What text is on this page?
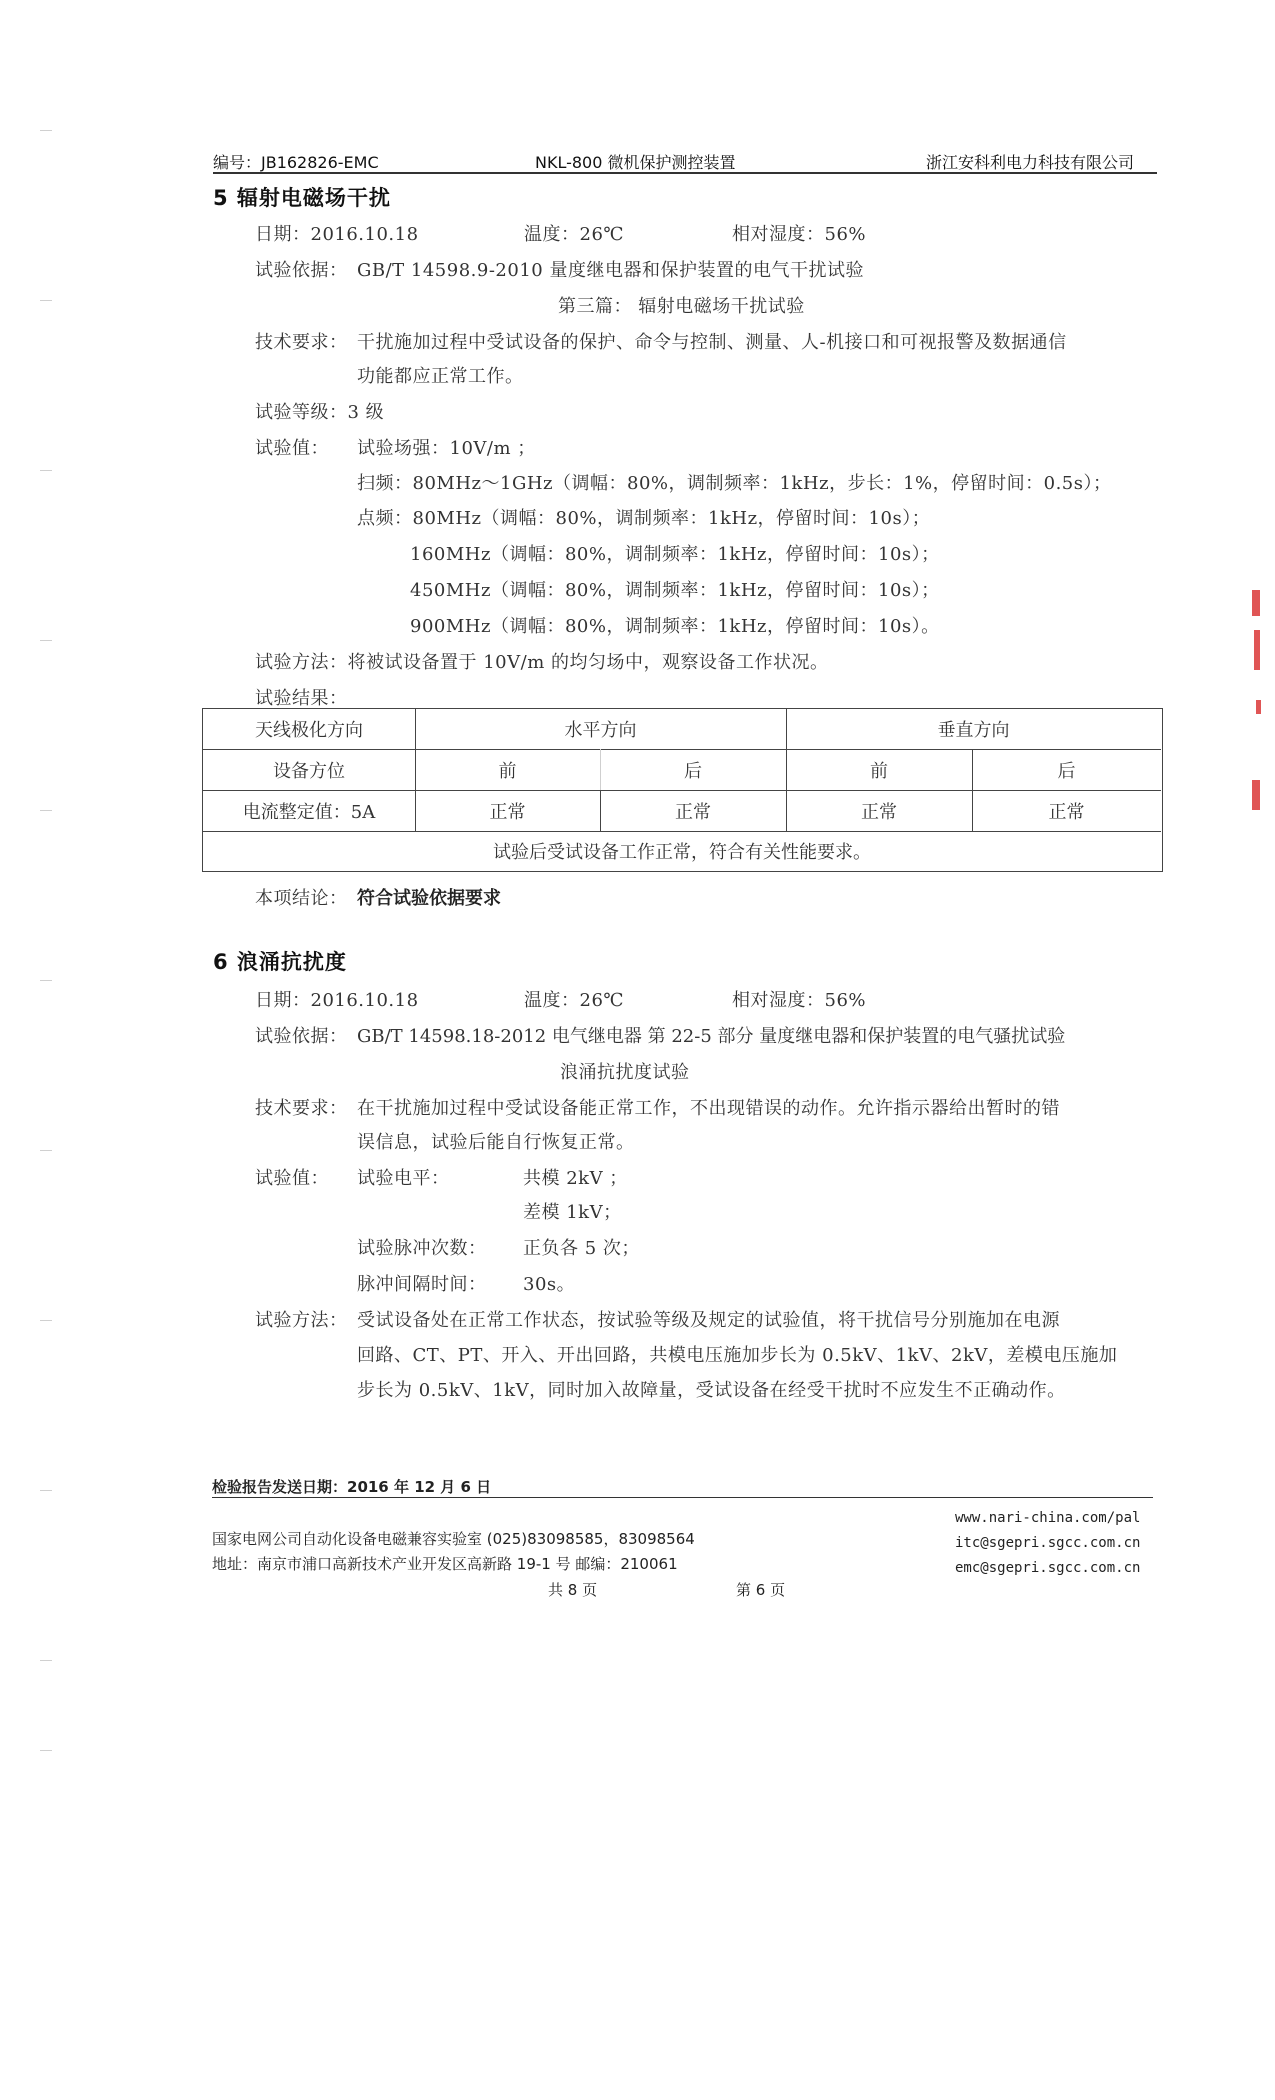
编号：JB162826-EMC	NKL-800 微机保护测控装置	浙江安科利电力科技有限公司
5 辐射电磁场干扰
日期：2016.10.18	温度：26℃	相对湿度：56%
试验依据： GB/T 14598.9-2010 量度继电器和保护装置的电气干扰试验
第三篇： 辐射电磁场干扰试验
技术要求： 干扰施加过程中受试设备的保护、命令与控制、测量、人-机接口和可视报警及数据通信
功能都应正常工作。
试验等级：3 级
试验值： 试验场强：10V/m ；
扫频：80MHz～1GHz（调幅：80%，调制频率：1kHz，步长：1%，停留时间：0.5s）；
点频：80MHz（调幅：80%，调制频率：1kHz，停留时间：10s）；
160MHz（调幅：80%，调制频率：1kHz，停留时间：10s）；
450MHz（调幅：80%，调制频率：1kHz，停留时间：10s）；
900MHz（调幅：80%，调制频率：1kHz，停留时间：10s）。
试验方法：将被试设备置于 10V/m 的均匀场中，观察设备工作状况。
试验结果：
天线极化方向	水平方向	垂直方向
设备方位	前	后	前	后
电流整定值：5A	正常	正常	正常	正常
试验后受试设备工作正常，符合有关性能要求。
本项结论： 符合试验依据要求
6 浪涌抗扰度
日期：2016.10.18	温度：26℃	相对湿度：56%
试验依据： GB/T 14598.18-2012 电气继电器 第 22-5 部分 量度继电器和保护装置的电气骚扰试验
浪涌抗扰度试验
技术要求： 在干扰施加过程中受试设备能正常工作，不出现错误的动作。允许指示器给出暂时的错
误信息，试验后能自行恢复正常。
试验值： 试验电平：	共模 2kV ；
差模 1kV；
试验脉冲次数： 正负各 5 次；
脉冲间隔时间： 30s。
试验方法： 受试设备处在正常工作状态，按试验等级及规定的试验值，将干扰信号分别施加在电源
回路、CT、PT、开入、开出回路，共模电压施加步长为 0.5kV、1kV、2kV，差模电压施加
步长为 0.5kV、1kV，同时加入故障量，受试设备在经受干扰时不应发生不正确动作。
检验报告发送日期：2016 年 12 月 6 日
国家电网公司自动化设备电磁兼容实验室 (025)83098585，83098564
地址：南京市浦口高新技术产业开发区高新路 19-1 号 邮编：210061
共 8 页	第 6 页
www.nari-china.com/pal
itc@sgepri.sgcc.com.cn
emc@sgepri.sgcc.com.cn
